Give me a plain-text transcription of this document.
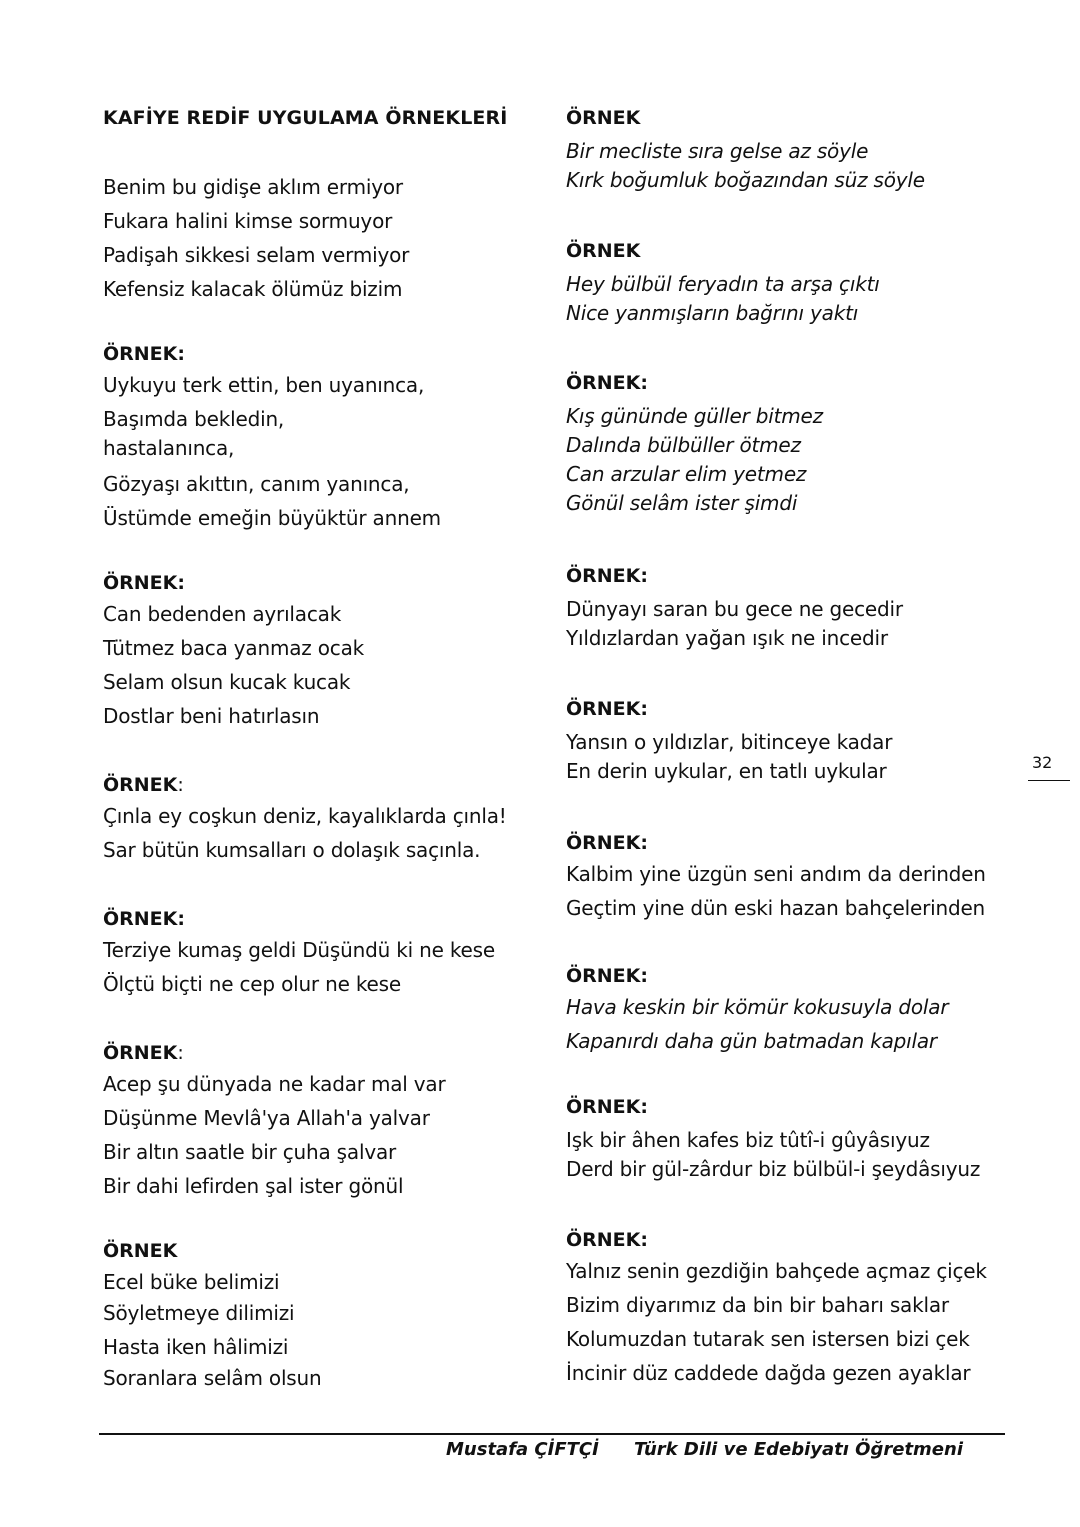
KAFİYE REDİF UYGULAMA ÖRNEKLERİ

Benim bu gidişe aklım ermiyor

Fukara halini kimse sormuyor

Padişah sikkesi selam vermiyor

Kefensiz kalacak ölümüz bizim

ÖRNEK:

Uykuyu terk ettin, ben uyanınca,

Başımda bekledin,

hastalanınca,

Gözyaşı akıttın, canım yanınca,

Üstümde emeğin büyüktür annem

ÖRNEK:

Can bedenden ayrılacak

Tütmez baca yanmaz ocak

Selam olsun kucak kucak

Dostlar beni hatırlasın

ÖRNEK:

Çınla ey coşkun deniz, kayalıklarda çınla!

Sar bütün kumsalları o dolaşık saçınla.

ÖRNEK:

Terziye kumaş geldi Düşündü ki ne kese

Ölçtü biçti ne cep olur ne kese

ÖRNEK:

Acep şu dünyada ne kadar mal var

Düşünme Mevlâ'ya Allah'a yalvar

Bir altın saatle bir çuha şalvar

Bir dahi lefirden şal ister gönül

ÖRNEK

Ecel büke belimizi

Söyletmeye dilimizi

Hasta iken hâlimizi

Soranlara selâm olsun

ÖRNEK

Bir mecliste sıra gelse az söyle

Kırk boğumluk boğazından süz söyle

ÖRNEK

Hey bülbül feryadın ta arşa çıktı

Nice yanmışların bağrını yaktı

ÖRNEK:

Kış gününde güller bitmez

Dalında bülbüller ötmez

Can arzular elim yetmez

Gönül selâm ister şimdi

ÖRNEK:

Dünyayı saran bu gece ne gecedir

Yıldızlardan yağan ışık ne incedir

ÖRNEK:

Yansın o yıldızlar, bitinceye kadar

En derin uykular, en tatlı uykular

ÖRNEK:

Kalbim yine üzgün seni andım da derinden

Geçtim yine dün eski hazan bahçelerinden

ÖRNEK:

Hava keskin bir kömür kokusuyla dolar

Kapanırdı daha gün batmadan kapılar

ÖRNEK:

Işk bir âhen kafes biz tûtî-i gûyâsıyuz

Derd bir gül-zârdur biz bülbül-i şeydâsıyuz

ÖRNEK:

Yalnız senin gezdiğin bahçede açmaz çiçek

Bizim diyarımız da bin bir baharı saklar

Kolumuzdan tutarak sen istersen bizi çek

İncinir düz caddede dağda gezen ayaklar

32
Mustafa ÇİFTÇİ Türk Dili ve Edebiyatı Öğretmeni
